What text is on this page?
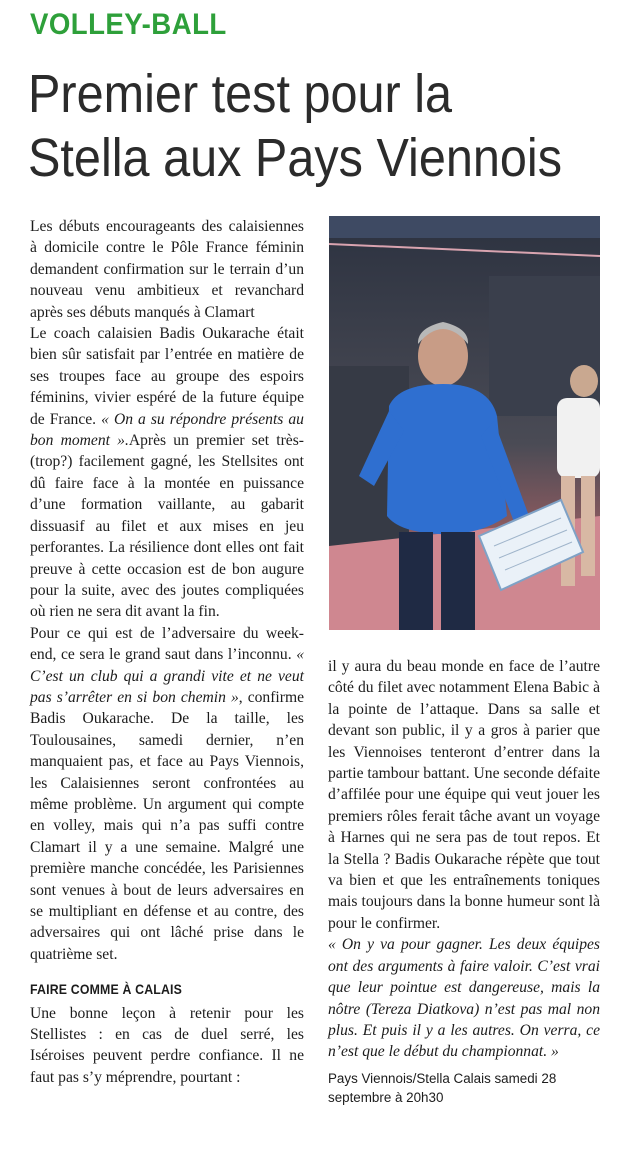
VOLLEY-BALL
Premier test pour la
Stella aux Pays Viennois

Les débuts encourageants des calaisiennes à domicile contre le Pôle France féminin demandent confirmation sur le terrain d’un nouveau venu ambitieux et revanchard après ses débuts manqués à Clamart

Le coach calaisien Badis Oukarache était bien sûr satisfait par l’entrée en matière de ses troupes face au groupe des espoirs féminins, vivier espéré de la future équipe de France. « On a su répondre présents au bon moment ».Après un premier set très-(trop?) facilement gagné, les Stellsites ont dû faire face à la montée en puissance d’une formation vaillante, au gabarit dissuasif au filet et aux mises en jeu perforantes. La résilience dont elles ont fait preuve à cette occasion est de bon augure pour la suite, avec des joutes compliquées où rien ne sera dit avant la fin.

Pour ce qui est de l’adversaire du week-end, ce sera le grand saut dans l’inconnu. « C’est un club qui a grandi vite et ne veut pas s’arrêter en si bon chemin », confirme Badis Oukarache. De la taille, les Toulousaines, samedi dernier, n’en manquaient pas, et face au Pays Viennois, les Calaisiennes seront confrontées au même problème. Un argument qui compte en volley, mais qui n’a pas suffi contre Clamart il y a une semaine. Malgré une première manche concédée, les Parisiennes sont venues à bout de leurs adversaires en se multipliant en défense et au contre, des adversaires qui ont lâché prise dans le quatrième set.

FAIRE COMME À CALAIS

Une bonne leçon à retenir pour les Stellistes : en cas de duel serré, les Iséroises peuvent perdre confiance. Il ne faut pas s’y méprendre, pourtant :

il y aura du beau monde en face de l’autre côté du filet avec notamment Elena Babic à la pointe de l’attaque. Dans sa salle et devant son public, il y a gros à parier que les Viennoises tenteront d’entrer dans la partie tambour battant. Une seconde défaite d’affilée pour une équipe qui veut jouer les premiers rôles ferait tâche avant un voyage à Harnes qui ne sera pas de tout repos. Et la Stella ? Badis Oukarache répète que tout va bien et que les entraînements toniques mais toujours dans la bonne humeur sont là pour le confirmer.

« On y va pour gagner. Les deux équipes ont des arguments à faire valoir. C’est vrai que leur pointue est dangereuse, mais la nôtre (Tereza Diatkova) n’est pas mal non plus. Et puis il y a les autres. On verra, ce n’est que le début du championnat. »

Pays Viennois/Stella Calais samedi 28 septembre à 20h30
